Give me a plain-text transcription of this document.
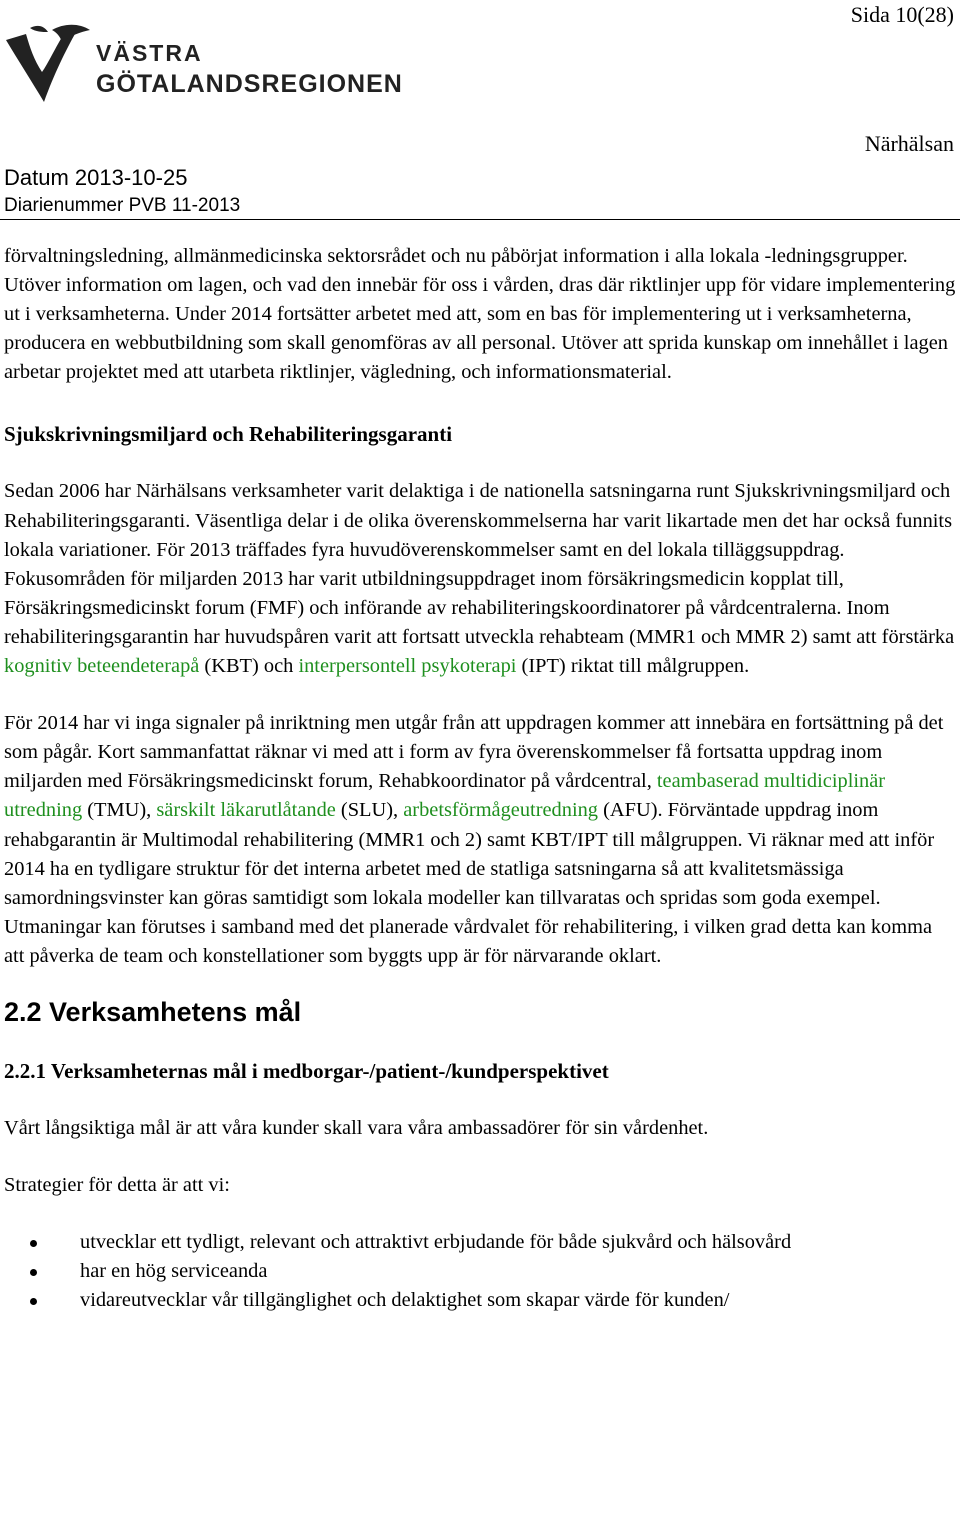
Sida 10(28)
VÄSTRA
GÖTALANDSREGIONEN
Närhälsan
Datum 2013-10-25
Diarienummer PVB 11-2013

förvaltningsledning, allmänmedicinska sektorsrådet och nu påbörjat information i alla lokala -ledningsgrupper. Utöver information om lagen, och vad den innebär för oss i vården, dras där riktlinjer upp för vidare implementering ut i verksamheterna. Under 2014 fortsätter arbetet med att, som en bas för implementering ut i verksamheterna, producera en webbutbildning som skall genomföras av all personal. Utöver att sprida kunskap om innehållet i lagen arbetar projektet med att utarbeta riktlinjer, vägledning, och informationsmaterial.

Sjukskrivningsmiljard och Rehabiliteringsgaranti

Sedan 2006 har Närhälsans verksamheter varit delaktiga i de nationella satsningarna runt Sjukskrivningsmiljard och Rehabiliteringsgaranti. Väsentliga delar i de olika överenskommelserna har varit likartade men det har också funnits lokala variationer. För 2013 träffades fyra huvudöverenskommelser samt en del lokala tilläggsuppdrag. Fokusområden för miljarden 2013 har varit utbildningsuppdraget inom försäkringsmedicin kopplat till, Försäkringsmedicinskt forum (FMF) och införande av rehabiliteringskoordinatorer på vårdcentralerna. Inom rehabiliteringsgarantin har huvudspåren varit att fortsatt utveckla rehabteam (MMR1 och MMR 2) samt att förstärka kognitiv beteendeterapå (KBT) och interpersontell psykoterapi (IPT) riktat till målgruppen.

För 2014 har vi inga signaler på inriktning men utgår från att uppdragen kommer att innebära en fortsättning på det som pågår. Kort sammanfattat räknar vi med att i form av fyra överenskommelser få fortsatta uppdrag inom miljarden med Försäkringsmedicinskt forum, Rehabkoordinator på vårdcentral, teambaserad multidiciplinär utredning (TMU), särskilt läkarutlåtande (SLU), arbetsförmågeutredning (AFU). Förväntade uppdrag inom rehabgarantin är Multimodal rehabilitering (MMR1 och 2) samt KBT/IPT till målgruppen. Vi räknar med att inför 2014 ha en tydligare struktur för det interna arbetet med de statliga satsningarna så att kvalitetsmässiga samordningsvinster kan göras samtidigt som lokala modeller kan tillvaratas och spridas som goda exempel. Utmaningar kan förutses i samband med det planerade vårdvalet för rehabilitering, i vilken grad detta kan komma att påverka de team och konstellationer som byggts upp är för närvarande oklart.

2.2 Verksamhetens mål

2.2.1 Verksamheternas mål i medborgar-/patient-/kundperspektivet

Vårt långsiktiga mål är att våra kunder skall vara våra ambassadörer för sin vårdenhet.

Strategier för detta är att vi:

utvecklar ett tydligt, relevant och attraktivt erbjudande för både sjukvård och hälsovård
har en hög serviceanda
vidareutvecklar vår tillgänglighet och delaktighet som skapar värde för kunden/
